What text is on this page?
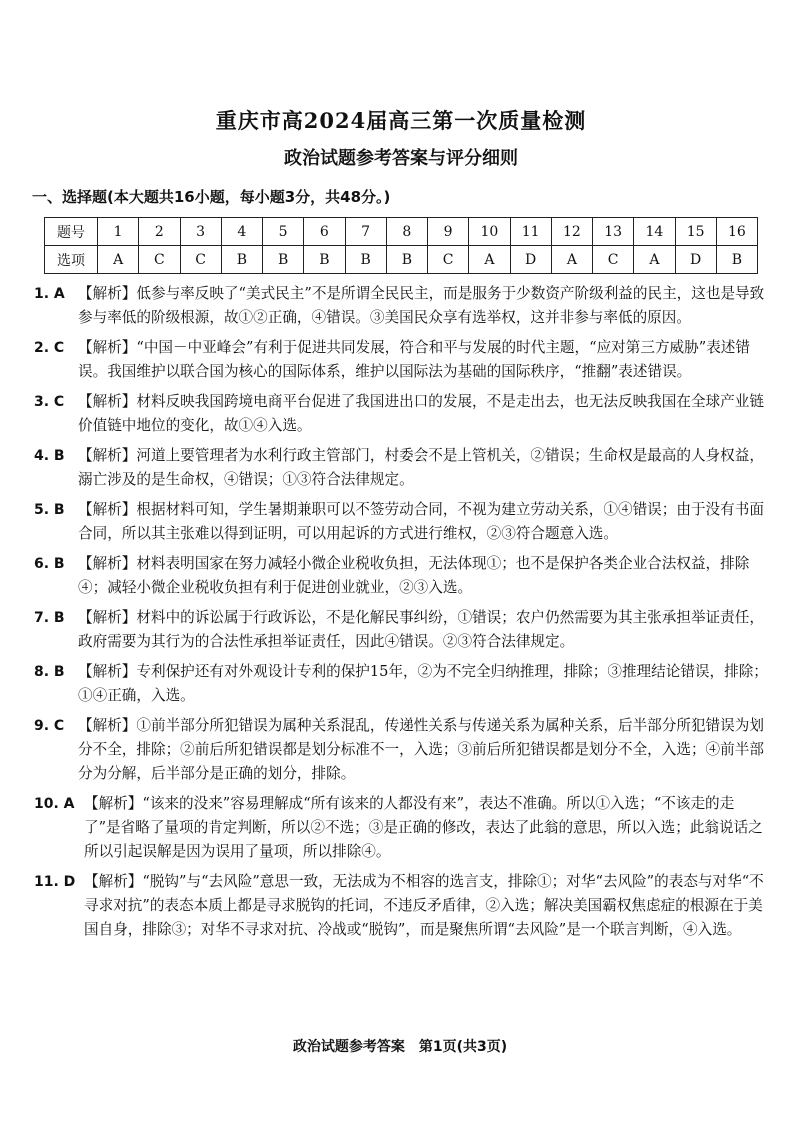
重庆市高2024届高三第一次质量检测
政治试题参考答案与评分细则

一、选择题(本大题共16小题，每小题3分，共48分。)

题号	1	2	3	4	5	6	7	8	9	10	11	12	13	14	15	16
选项	A	C	C	B	B	B	B	B	C	A	D	A	C	A	D	B
1. A 【解析】低参与率反映了“美式民主”不是所谓全民民主，而是服务于少数资产阶级利益的民主，这也是导致参与率低的阶级根源，故①②正确，④错误。③美国民众享有选举权，这并非参与率低的原因。
2. C 【解析】“中国－中亚峰会”有利于促进共同发展，符合和平与发展的时代主题，“应对第三方威胁”表述错误。我国维护以联合国为核心的国际体系，维护以国际法为基础的国际秩序，“推翻”表述错误。
3. C 【解析】材料反映我国跨境电商平台促进了我国进出口的发展，不是走出去，也无法反映我国在全球产业链价值链中地位的变化，故①④入选。
4. B 【解析】河道上要管理者为水利行政主管部门，村委会不是上管机关，②错误；生命权是最高的人身权益，溺亡涉及的是生命权，④错误；①③符合法律规定。
5. B 【解析】根据材料可知，学生暑期兼职可以不签劳动合同，不视为建立劳动关系，①④错误；由于没有书面合同，所以其主张难以得到证明，可以用起诉的方式进行维权，②③符合题意入选。
6. B 【解析】材料表明国家在努力减轻小微企业税收负担，无法体现①；也不是保护各类企业合法权益，排除④；减轻小微企业税收负担有利于促进创业就业，②③入选。
7. B 【解析】材料中的诉讼属于行政诉讼，不是化解民事纠纷，①错误；农户仍然需要为其主张承担举证责任，政府需要为其行为的合法性承担举证责任，因此④错误。②③符合法律规定。
8. B 【解析】专利保护还有对外观设计专利的保护15年，②为不完全归纳推理，排除；③推理结论错误，排除；①④正确，入选。
9. C 【解析】①前半部分所犯错误为属种关系混乱，传递性关系与传递关系为属种关系，后半部分所犯错误为划分不全，排除；②前后所犯错误都是划分标准不一，入选；③前后所犯错误都是划分不全，入选；④前半部分为分解，后半部分是正确的划分，排除。
10. A 【解析】“该来的没来”容易理解成“所有该来的人都没有来”，表达不准确。所以①入选；“不该走的走了”是省略了量项的肯定判断，所以②不选；③是正确的修改，表达了此翁的意思，所以入选；此翁说话之所以引起误解是因为误用了量项，所以排除④。
11. D 【解析】“脱钩”与“去风险”意思一致，无法成为不相容的选言支，排除①；对华“去风险”的表态与对华“不寻求对抗”的表态本质上都是寻求脱钩的托词，不违反矛盾律，②入选；解决美国霸权焦虑症的根源在于美国自身，排除③；对华不寻求对抗、冷战或“脱钩”，而是聚焦所谓“去风险”是一个联言判断，④入选。
政治试题参考答案　第1页(共3页)
